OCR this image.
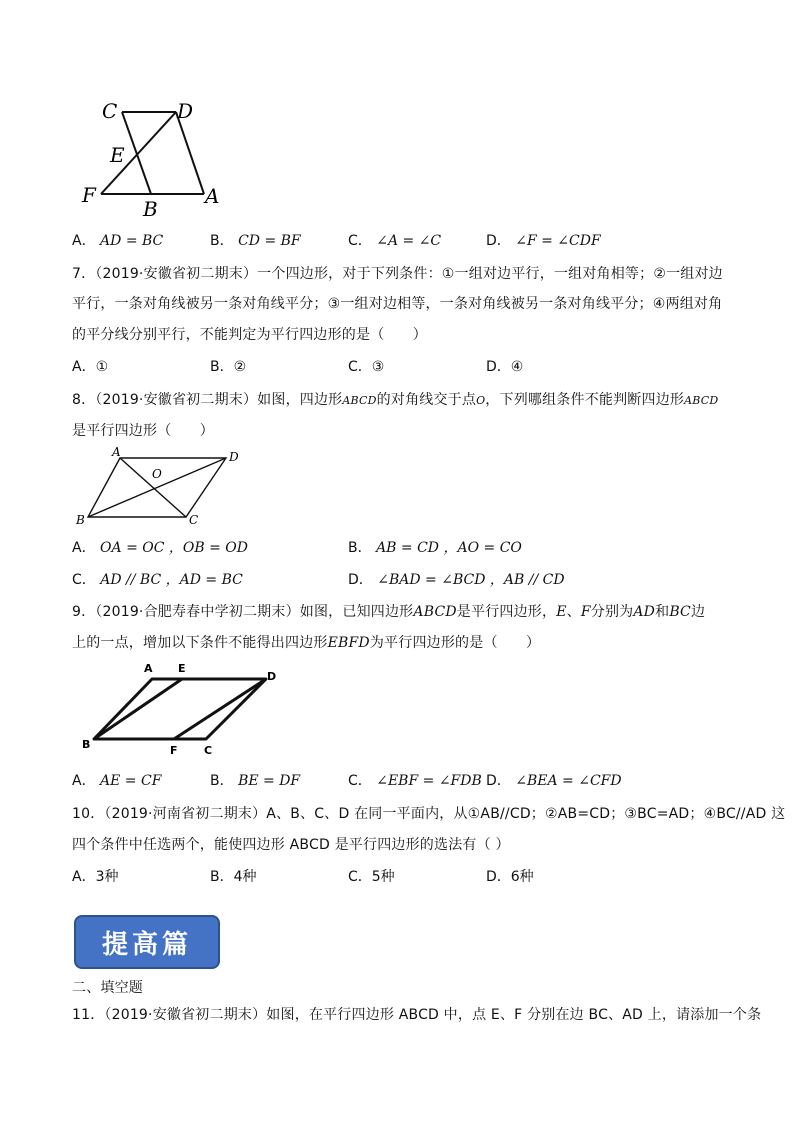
C	D
E
F
B
A
A． AD = BC	B． CD = BF	C． ∠A = ∠C	D． ∠F = ∠CDF
7．（2019·安徽省初二期末）一个四边形，对于下列条件：①一组对边平行，一组对角相等；②一组对边
平行，一条对角线被另一条对角线平分；③一组对边相等，一条对角线被另一条对角线平分；④两组对角
的平分线分别平行，不能判定为平行四边形的是（　　）
A．①	B．②	C．③	D．④
8．（2019·安徽省初二期末）如图，四边形ABCD的对角线交于点O，下列哪组条件不能判断四边形ABCD
是平行四边形（　　）
A	D
O
B	C
A． OA = OC ，OB = OD	B． AB = CD ，AO = CO
C． AD // BC ，AD = BC	D． ∠BAD = ∠BCD ，AB // CD
9．（2019·合肥寿春中学初二期末）如图，已知四边形ABCD是平行四边形，E、F分别为AD和BC边
上的一点，增加以下条件不能得出四边形EBFD为平行四边形的是（　　）
A E
D
B	F C
A． AE = CF	B． BE = DF	C． ∠EBF = ∠FDB D． ∠BEA = ∠CFD
10．（2019·河南省初二期末）A、B、C、D 在同一平面内，从①AB//CD；②AB=CD；③BC=AD；④BC//AD 这
四个条件中任选两个，能使四边形 ABCD 是平行四边形的选法有（ ）
A．3种	B．4种	C．5种	D．6种
提高篇
二、填空题
11．（2019·安徽省初二期末）如图，在平行四边形 ABCD 中，点 E、F 分别在边 BC、AD 上，请添加一个条
